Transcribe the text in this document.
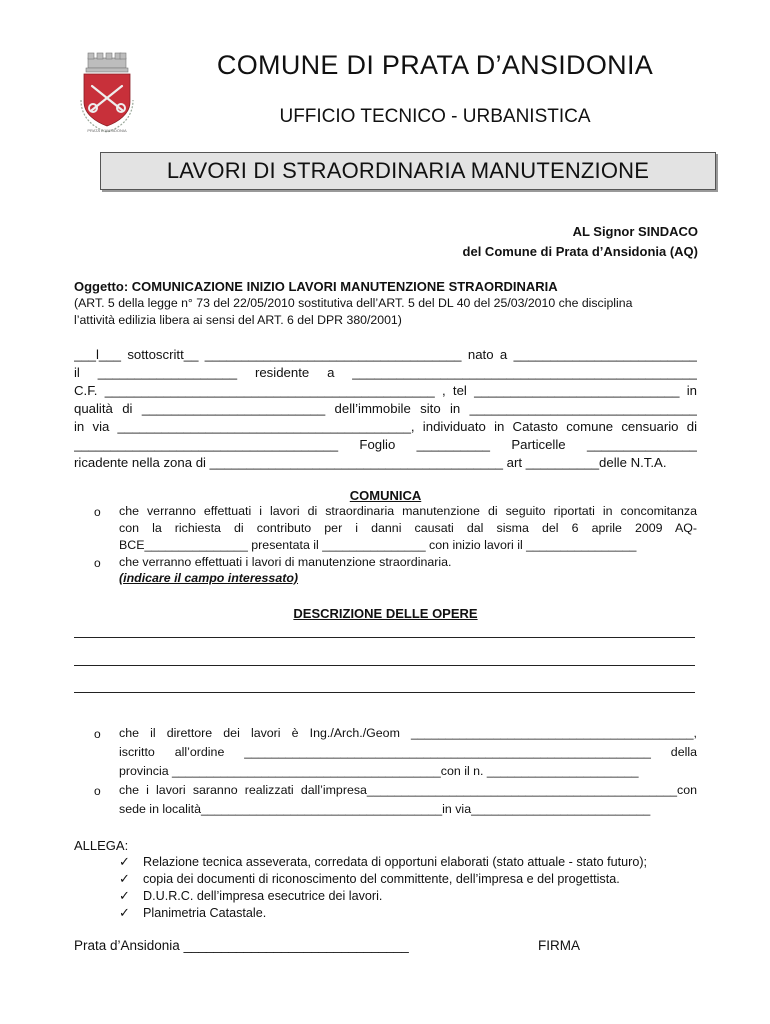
PRATA D'ANSIDONIA
COMUNE DI PRATA D’ANSIDONIA
UFFICIO TECNICO - URBANISTICA
LAVORI DI STRAORDINARIA MANUTENZIONE
AL Signor SINDACO
del Comune di Prata d’Ansidonia (AQ)
Oggetto: COMUNICAZIONE INIZIO LAVORI MANUTENZIONE STRAORDINARIA
(ART. 5 della legge n° 73 del 22/05/2010 sostitutiva dell’ART. 5 del DL 40 del 25/03/2010 che disciplina
l’attività edilizia libera ai sensi del ART. 6 del DPR 380/2001)
___l___ sottoscritt__ ___________________________________ nato a _________________________
il ___________________ residente a _______________________________________________
C.F. _____________________________________________ , tel ____________________________ in
qualità di _________________________ dell’immobile sito in _______________________________
in via ________________________________________, individuato in Catasto comune censuario di
____________________________________ Foglio __________ Particelle _______________
ricadente nella zona di ________________________________________ art __________delle N.T.A.
COMUNICA
o che verranno effettuati i lavori di straordinaria manutenzione di seguito riportati in concomitanza
con la richiesta di contributo per i danni causati dal sisma del 6 aprile 2009 AQ-
BCE_______________ presentata il _______________ con inizio lavori il ________________
o che verranno effettuati i lavori di manutenzione straordinaria.
(indicare il campo interessato)
DESCRIZIONE DELLE OPERE
o che il direttore dei lavori è Ing./Arch./Geom _________________________________________,
iscritto all’ordine ___________________________________________________________ della
provincia _______________________________________con il n. ______________________
o che i lavori saranno realizzati dall’impresa_____________________________________________con
sede in località___________________________________in via__________________________
ALLEGA:
✓ Relazione tecnica asseverata, corredata di opportuni elaborati (stato attuale - stato futuro);
✓ copia dei documenti di riconoscimento del committente, dell’impresa e del progettista.
✓ D.U.R.C. dell’impresa esecutrice dei lavori.
✓ Planimetria Catastale.
Prata d’Ansidonia ______________________________	FIRMA
